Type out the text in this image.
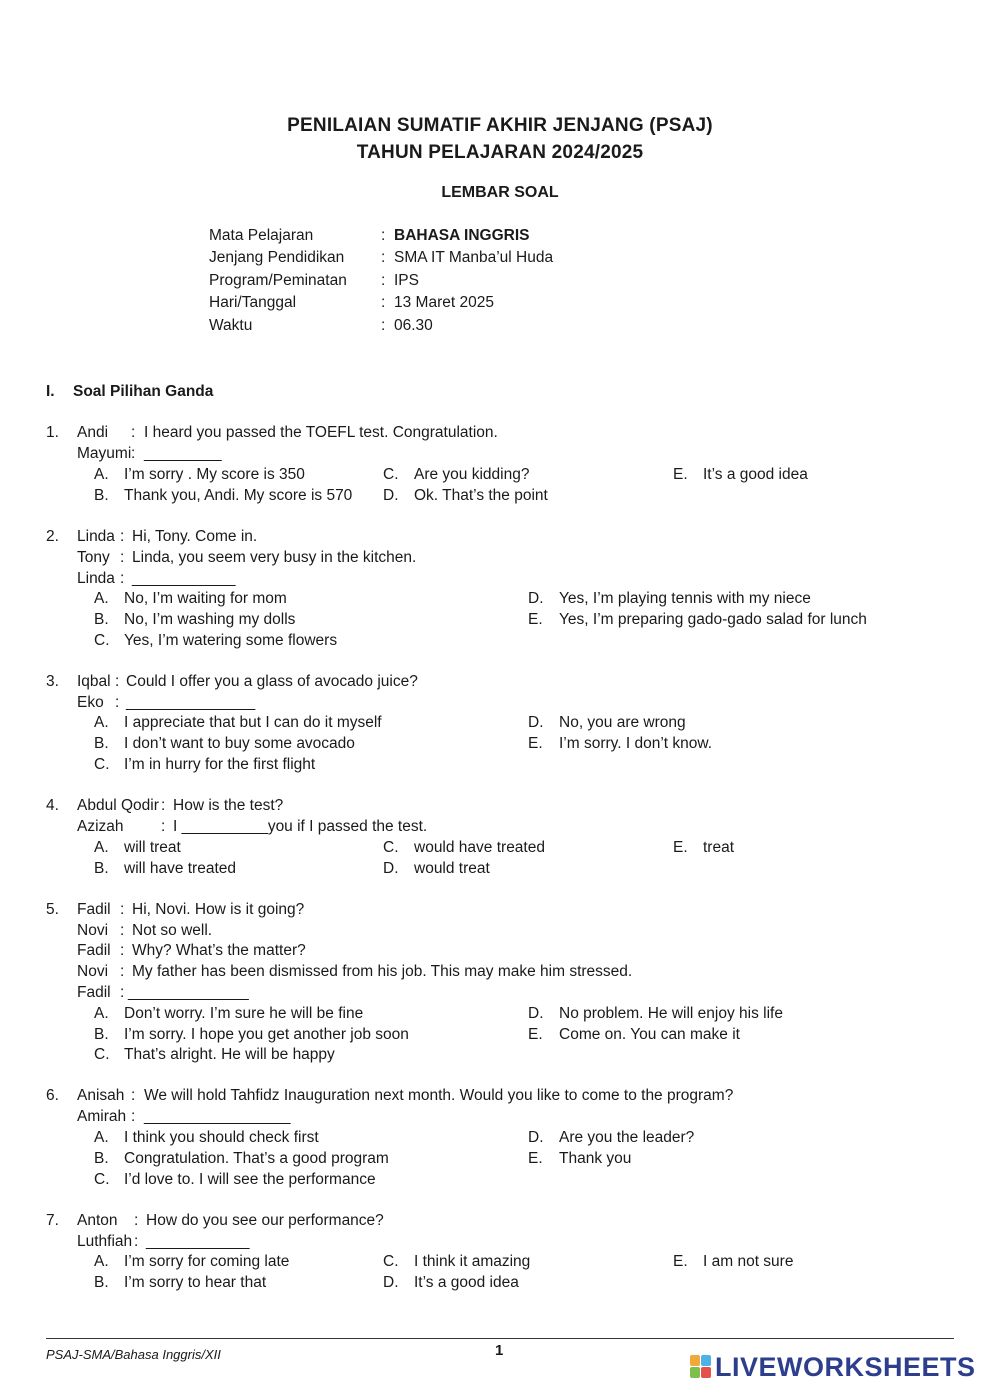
PENILAIAN SUMATIF AKHIR JENJANG (PSAJ)
TAHUN PELAJARAN 2024/2025
LEMBAR SOAL
Mata Pelajaran	: BAHASA INGGRIS
Jenjang Pendidikan : SMA IT Manba’ul Huda
Program/Peminatan : IPS
Hari/Tanggal	: 13 Maret 2025
Waktu	: 06.30
I. Soal Pilihan Ganda
1. Andi : I heard you passed the TOEFL test. Congratulation.
Mayumi : _________
A. I’m sorry . My score is 350
B. Thank you, Andi. My score is 570
C. Are you kidding?
D. Ok. That’s the point
E. It’s a good idea
2. Linda : Hi, Tony. Come in.
Tony : Linda, you seem very busy in the kitchen.
Linda : ____________
A. No, I’m waiting for mom
B. No, I’m washing my dolls
C. Yes, I’m watering some flowers
D. Yes, I’m playing tennis with my niece
E. Yes, I’m preparing gado-gado salad for lunch
3. Iqbal : Could I offer you a glass of avocado juice?
Eko : _______________
A. I appreciate that but I can do it myself
B. I don’t want to buy some avocado
C. I’m in hurry for the first flight
D. No, you are wrong
E. I’m sorry. I don’t know.
4. Abdul Qodir : How is the test?
Azizah : I __________you if I passed the test.
A. will treat
B. will have treated
C. would have treated
D. would treat
E. treat
5. Fadil : Hi, Novi. How is it going?
Novi : Not so well.
Fadil : Why? What’s the matter?
Novi : My father has been dismissed from his job. This may make him stressed.
Fadil : ______________
A. Don’t worry. I’m sure he will be fine
B. I’m sorry. I hope you get another job soon
C. That’s alright. He will be happy
D. No problem. He will enjoy his life
E. Come on. You can make it
6. Anisah : We will hold Tahfidz Inauguration next month. Would you like to come to the program?
Amirah : _________________
A. I think you should check first
B. Congratulation. That’s a good program
C. I’d love to. I will see the performance
D. Are you the leader?
E. Thank you
7. Anton : How do you see our performance?
Luthfiah : ____________
A. I’m sorry for coming late
B. I’m sorry to hear that
C. I think it amazing
D. It’s a good idea
E. I am not sure
PSAJ-SMA/Bahasa Inggris/XII	1
LIVEWORKSHEETS
